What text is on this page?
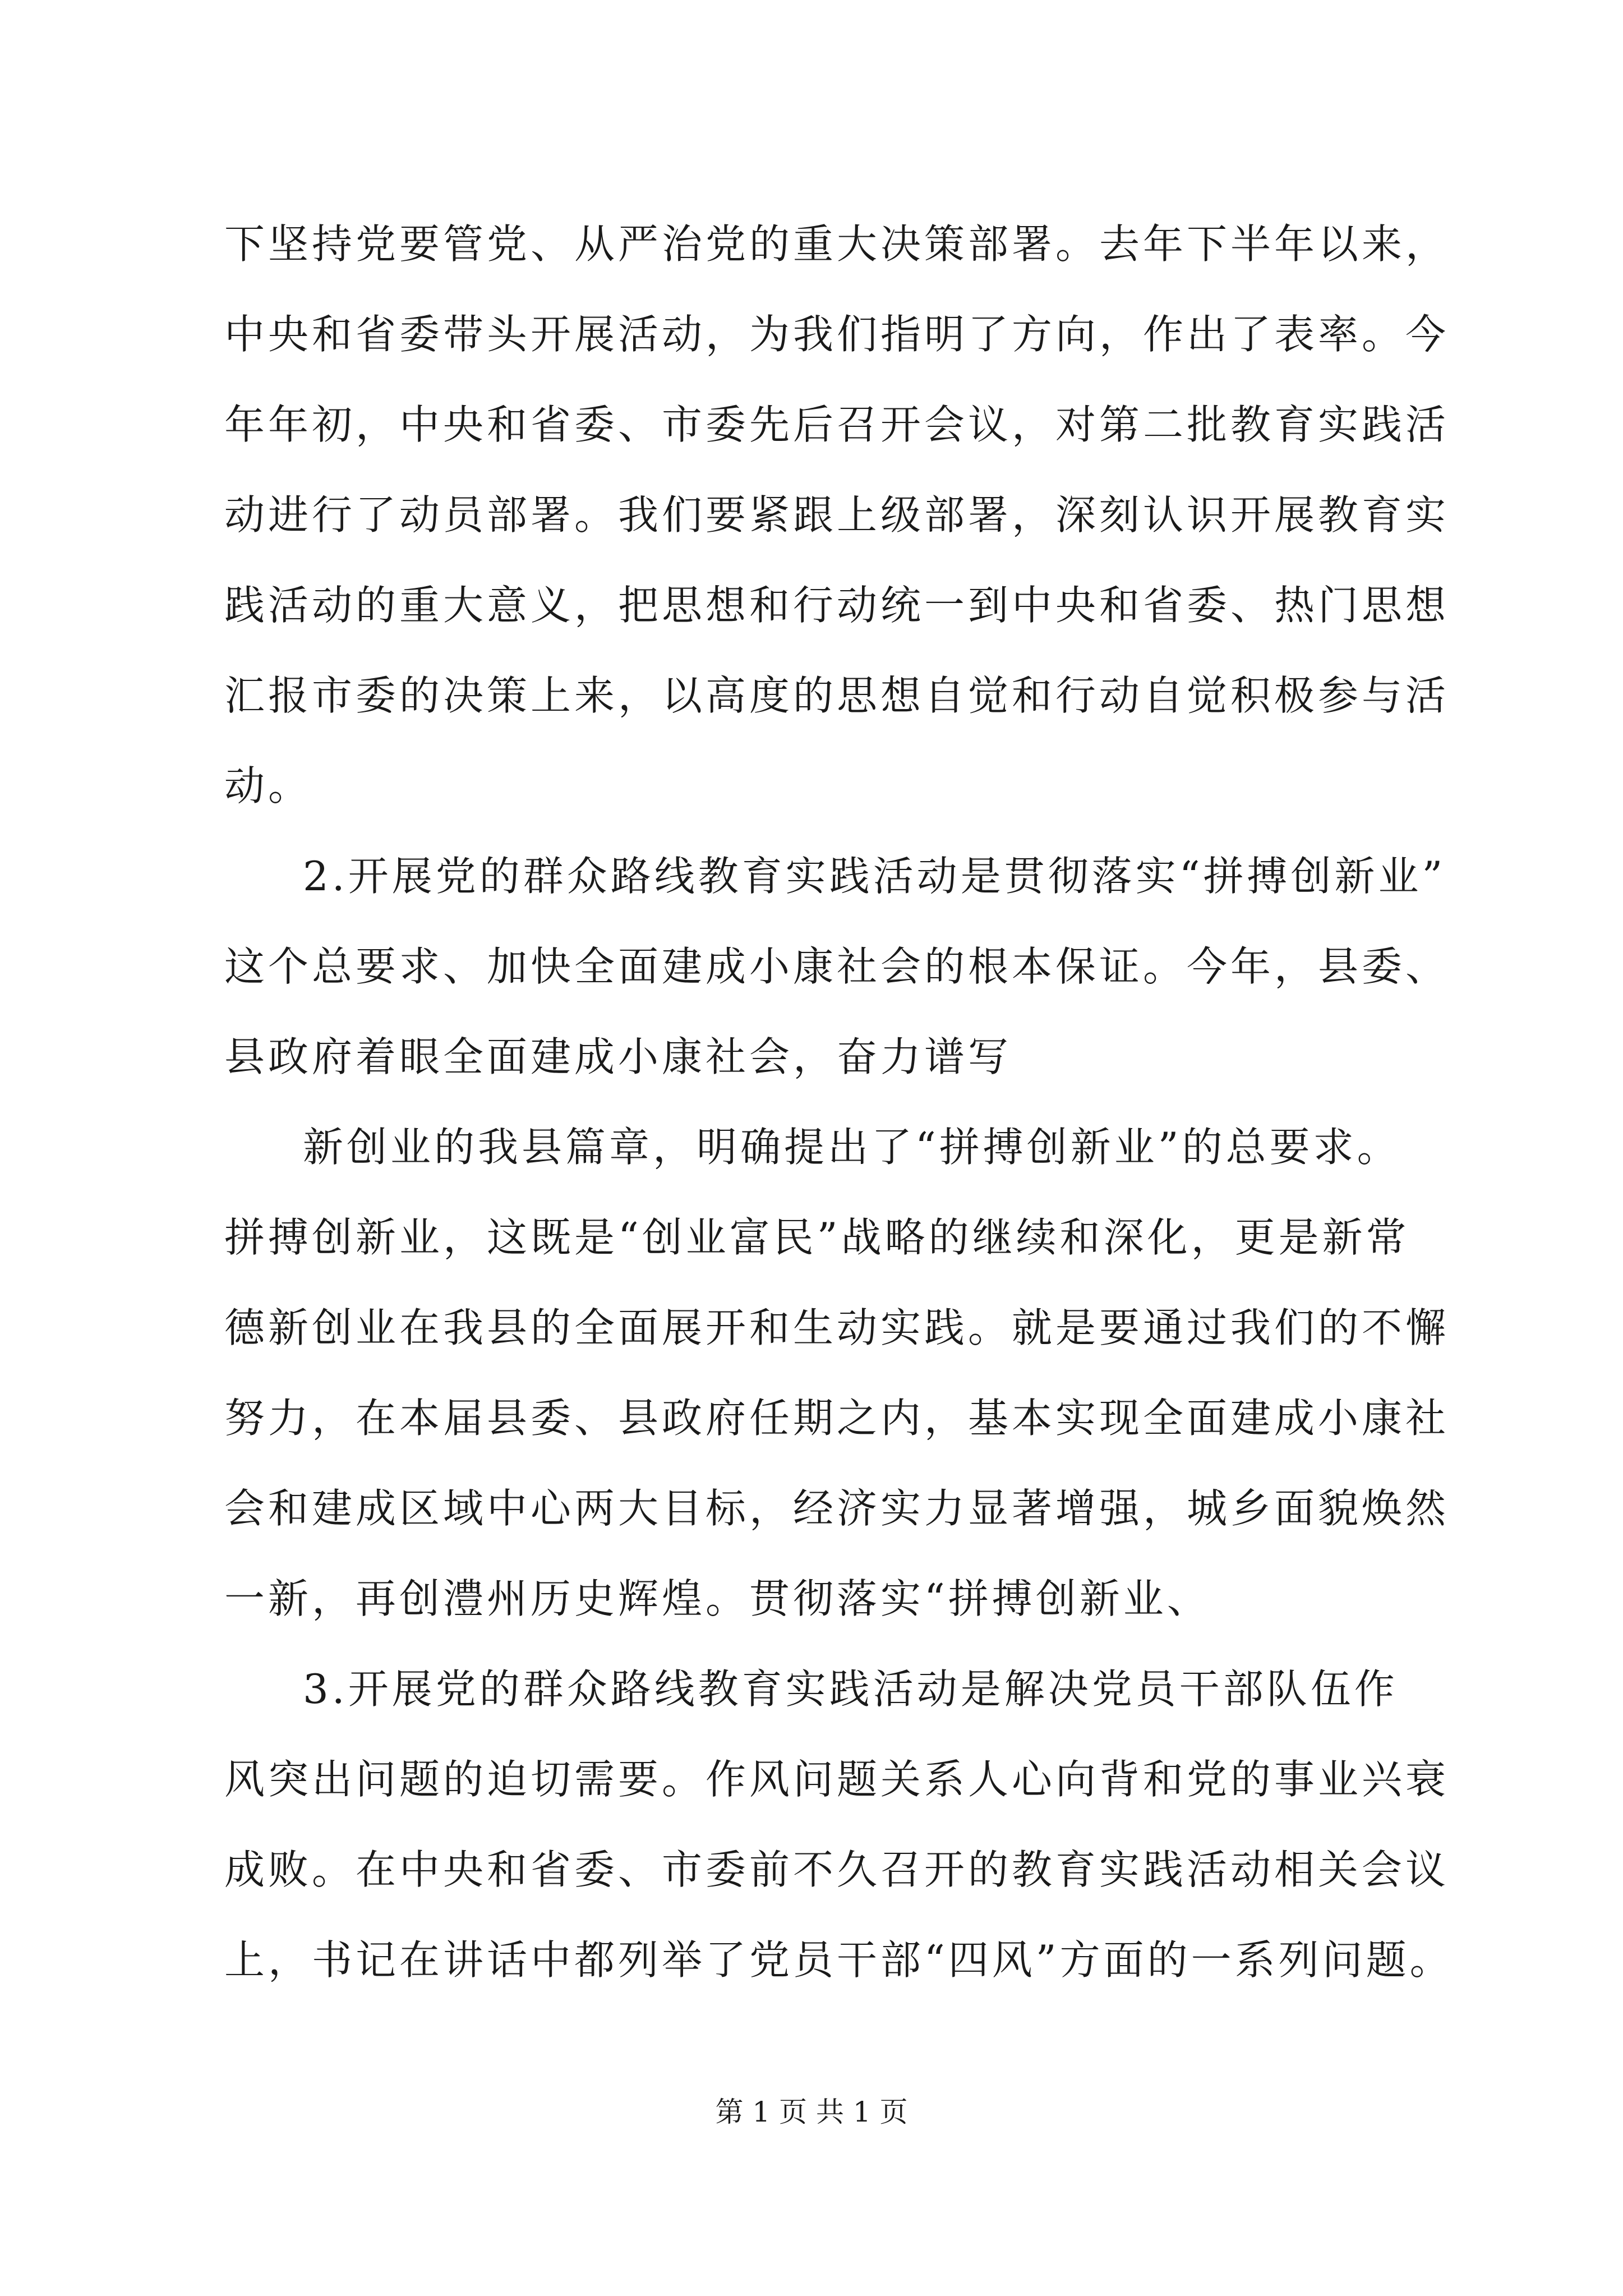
下坚持党要管党、从严治党的重大决策部署。去年下半年以来，
中央和省委带头开展活动，为我们指明了方向，作出了表率。今
年年初，中央和省委、市委先后召开会议，对第二批教育实践活
动进行了动员部署。我们要紧跟上级部署，深刻认识开展教育实
践活动的重大意义，把思想和行动统一到中央和省委、热门思想
汇报市委的决策上来，以高度的思想自觉和行动自觉积极参与活
动。
2.开展党的群众路线教育实践活动是贯彻落实“拼搏创新业”
这个总要求、加快全面建成小康社会的根本保证。今年，县委、
县政府着眼全面建成小康社会，奋力谱写
新创业的我县篇章，明确提出了“拼搏创新业”的总要求。
拼搏创新业，这既是“创业富民”战略的继续和深化，更是新常
德新创业在我县的全面展开和生动实践。就是要通过我们的不懈
努力，在本届县委、县政府任期之内，基本实现全面建成小康社
会和建成区域中心两大目标，经济实力显著增强，城乡面貌焕然
一新，再创澧州历史辉煌。贯彻落实“拼搏创新业、
3.开展党的群众路线教育实践活动是解决党员干部队伍作
风突出问题的迫切需要。作风问题关系人心向背和党的事业兴衰
成败。在中央和省委、市委前不久召开的教育实践活动相关会议
上，书记在讲话中都列举了党员干部“四风”方面的一系列问题。
第 1 页 共 1 页
